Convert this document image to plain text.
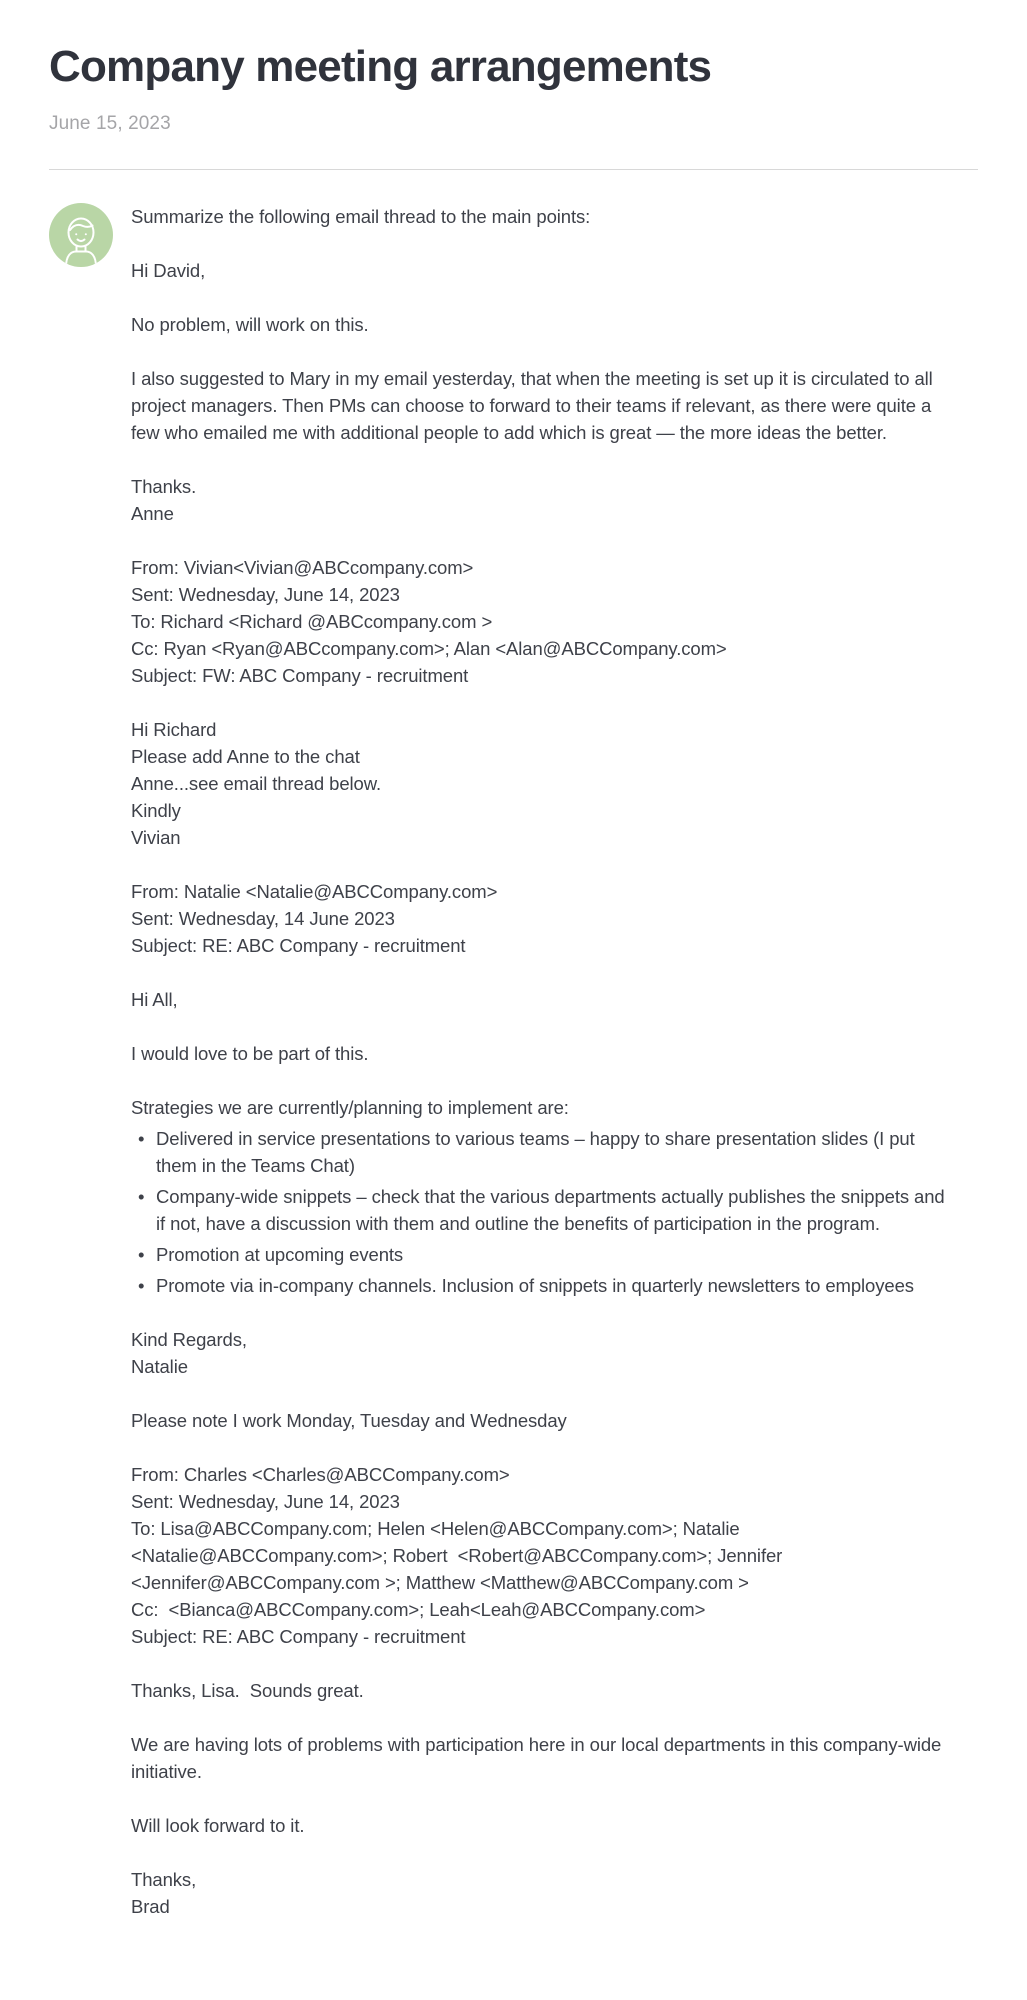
Company meeting arrangements
June 15, 2023
Summarize the following email thread to the main points:
Hi David,
No problem, will work on this.
I also suggested to Mary in my email yesterday, that when the meeting is set up it is circulated to all project managers. Then PMs can choose to forward to their teams if relevant, as there were quite a few who emailed me with additional people to add which is great — the more ideas the better.
Thanks.
Anne
From: Vivian<Vivian@ABCcompany.com>
Sent: Wednesday, June 14, 2023
To: Richard <Richard @ABCcompany.com >
Cc: Ryan <Ryan@ABCcompany.com>; Alan <Alan@ABCCompany.com>
Subject: FW: ABC Company - recruitment
Hi Richard
Please add Anne to the chat
Anne...see email thread below.
Kindly
Vivian
From: Natalie <Natalie@ABCCompany.com>
Sent: Wednesday, 14 June 2023
Subject: RE: ABC Company - recruitment
Hi All,
I would love to be part of this.
Strategies we are currently/planning to implement are:
• Delivered in service presentations to various teams – happy to share presentation slides (I put them in the Teams Chat)
• Company-wide snippets – check that the various departments actually publishes the snippets and if not, have a discussion with them and outline the benefits of participation in the program.
• Promotion at upcoming events
• Promote via in-company channels. Inclusion of snippets in quarterly newsletters to employees
Kind Regards,
Natalie
Please note I work Monday, Tuesday and Wednesday
From: Charles <Charles@ABCCompany.com>
Sent: Wednesday, June 14, 2023
To: Lisa@ABCCompany.com; Helen <Helen@ABCCompany.com>; Natalie <Natalie@ABCCompany.com>; Robert  <Robert@ABCCompany.com>; Jennifer <Jennifer@ABCCompany.com >; Matthew <Matthew@ABCCompany.com >
Cc:  <Bianca@ABCCompany.com>; Leah<Leah@ABCCompany.com>
Subject: RE: ABC Company - recruitment
Thanks, Lisa.  Sounds great.
We are having lots of problems with participation here in our local departments in this company-wide initiative.
Will look forward to it.
Thanks,
Brad
